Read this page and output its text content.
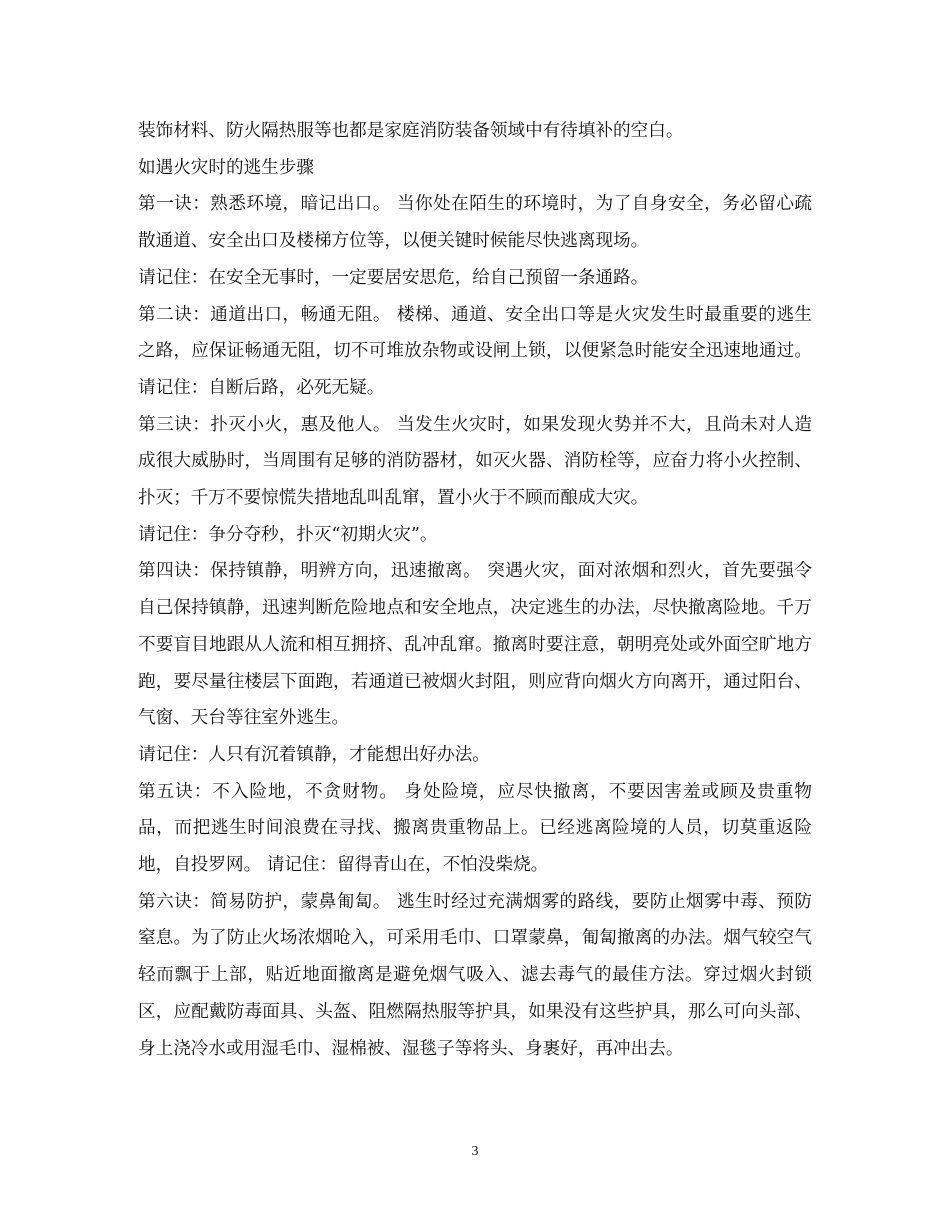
装饰材料、防火隔热服等也都是家庭消防装备领域中有待填补的空白。

如遇火灾时的逃生步骤

第一诀：熟悉环境，暗记出口。 当你处在陌生的环境时，为了自身安全，务必留心疏散通道、安全出口及楼梯方位等，以便关键时候能尽快逃离现场。

请记住：在安全无事时，一定要居安思危，给自己预留一条通路。

第二诀：通道出口，畅通无阻。 楼梯、通道、安全出口等是火灾发生时最重要的逃生之路，应保证畅通无阻，切不可堆放杂物或设闸上锁，以便紧急时能安全迅速地通过。 请记住：自断后路，必死无疑。

第三诀：扑灭小火，惠及他人。 当发生火灾时，如果发现火势并不大，且尚未对人造成很大威胁时，当周围有足够的消防器材，如灭火器、消防栓等，应奋力将小火控制、扑灭；千万不要惊慌失措地乱叫乱窜，置小火于不顾而酿成大灾。

请记住：争分夺秒，扑灭“初期火灾”。

第四诀：保持镇静，明辨方向，迅速撤离。 突遇火灾，面对浓烟和烈火，首先要强令自己保持镇静，迅速判断危险地点和安全地点，决定逃生的办法，尽快撤离险地。千万不要盲目地跟从人流和相互拥挤、乱冲乱窜。撤离时要注意，朝明亮处或外面空旷地方跑，要尽量往楼层下面跑，若通道已被烟火封阻，则应背向烟火方向离开，通过阳台、气窗、天台等往室外逃生。

请记住：人只有沉着镇静，才能想出好办法。

第五诀：不入险地，不贪财物。 身处险境，应尽快撤离，不要因害羞或顾及贵重物品，而把逃生时间浪费在寻找、搬离贵重物品上。已经逃离险境的人员，切莫重返险地，自投罗网。 请记住：留得青山在，不怕没柴烧。

第六诀：简易防护，蒙鼻匍匐。 逃生时经过充满烟雾的路线，要防止烟雾中毒、预防窒息。为了防止火场浓烟呛入，可采用毛巾、口罩蒙鼻，匍匐撤离的办法。烟气较空气轻而飘于上部，贴近地面撤离是避免烟气吸入、滤去毒气的最佳方法。穿过烟火封锁区，应配戴防毒面具、头盔、阻燃隔热服等护具，如果没有这些护具，那么可向头部、身上浇冷水或用湿毛巾、湿棉被、湿毯子等将头、身裹好，再冲出去。

3
